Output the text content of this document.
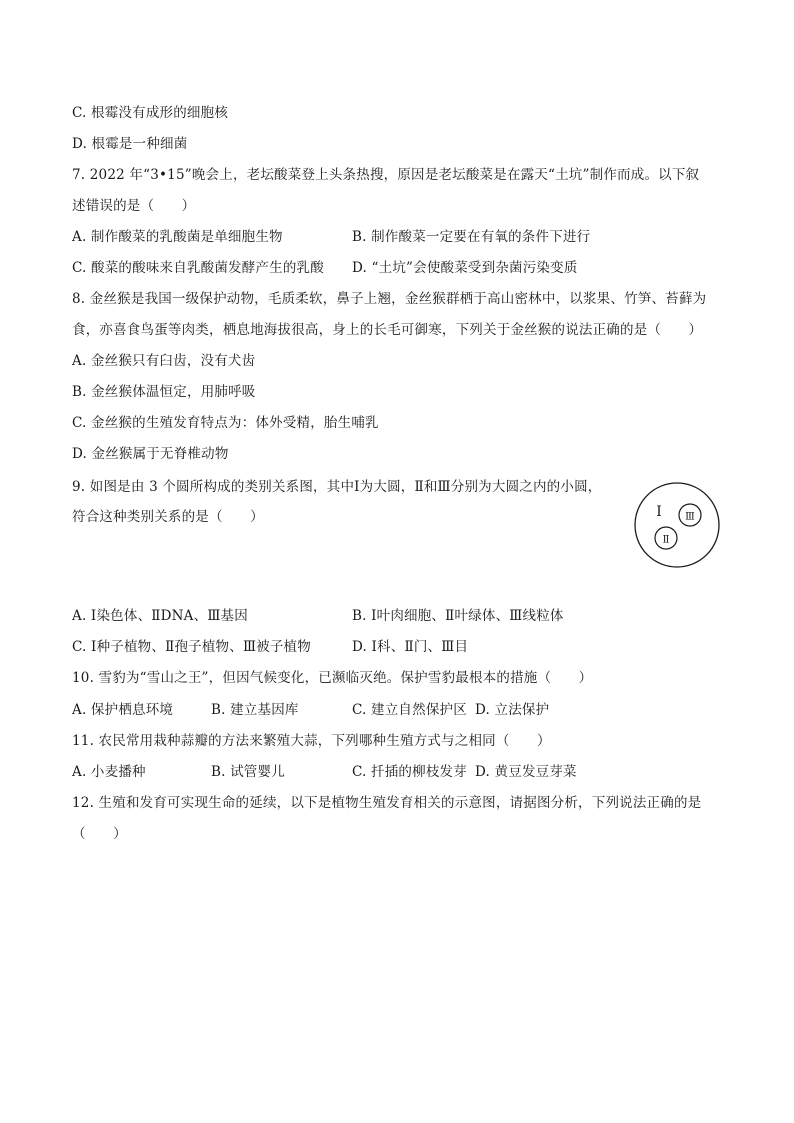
C. 根霉没有成形的细胞核
D. 根霉是一种细菌
7. 2022 年“3•15”晚会上，老坛酸菜登上头条热搜，原因是老坛酸菜是在露天“土坑”制作而成。以下叙
述错误的是（　　）
A. 制作酸菜的乳酸菌是单细胞生物	B. 制作酸菜一定要在有氧的条件下进行
C. 酸菜的酸味来自乳酸菌发酵产生的乳酸 D. “土坑”会使酸菜受到杂菌污染变质
8. 金丝猴是我国一级保护动物，毛质柔软，鼻子上翘，金丝猴群栖于高山密林中，以浆果、竹笋、苔藓为
食，亦喜食鸟蛋等肉类，栖息地海拔很高，身上的长毛可御寒，下列关于金丝猴的说法正确的是（　　）
A. 金丝猴只有臼齿，没有犬齿
B. 金丝猴体温恒定，用肺呼吸
C. 金丝猴的生殖发育特点为：体外受精，胎生哺乳
D. 金丝猴属于无脊椎动物
9. 如图是由 3 个圆所构成的类别关系图，其中Ⅰ为大圆，Ⅱ和Ⅲ分别为大圆之内的小圆，
符合这种类别关系的是（　　）	Ⅰ Ⅲ
Ⅱ
A. Ⅰ染色体、ⅡDNA、Ⅲ基因	B. Ⅰ叶肉细胞、Ⅱ叶绿体、Ⅲ线粒体
C. Ⅰ种子植物、Ⅱ孢子植物、Ⅲ被子植物	D. Ⅰ科、Ⅱ门、Ⅲ目
10. 雪豹为“雪山之王”，但因气候变化，已濒临灭绝。保护雪豹最根本的措施（　　）
A. 保护栖息环境	B. 建立基因库	C. 建立自然保护区 D. 立法保护
11. 农民常用栽种蒜瓣的方法来繁殖大蒜，下列哪种生殖方式与之相同（　　）
A. 小麦播种	B. 试管婴儿	C. 扦插的柳枝发芽 D. 黄豆发豆芽菜
12. 生殖和发育可实现生命的延续，以下是植物生殖发育相关的示意图，请据图分析，下列说法正确的是
（　　）
